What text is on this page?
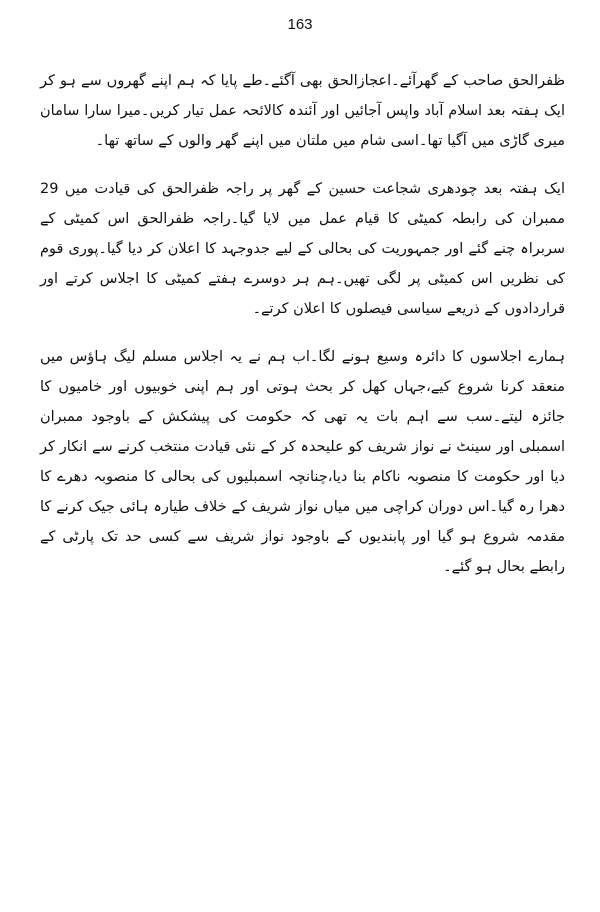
163

ظفرالحق صاحب کے گھرآئے۔اعجازالحق بھی آگئے۔طے پایا کہ ہم اپنے گھروں سے ہو کر ایک ہفتہ بعد اسلام آباد واپس آجائیں اور آئندہ کالائحہ عمل تیار کریں۔میرا سارا سامان میری گاڑی میں آگیا تھا۔اسی شام میں ملتان میں اپنے گھر والوں کے ساتھ تھا۔

ایک ہفتہ بعد چودھری شجاعت حسین کے گھر پر راجہ ظفرالحق کی قیادت میں 29 ممبران کی رابطہ کمیٹی کا قیام عمل میں لایا گیا۔راجہ ظفرالحق اس کمیٹی کے سربراہ چنے گئے اور جمہوریت کی بحالی کے لیے جدوجہد کا اعلان کر دیا گیا۔پوری قوم کی نظریں اس کمیٹی پر لگی تھیں۔ہم ہر دوسرے ہفتے کمیٹی کا اجلاس کرتے اور قراردادوں کے ذریعے سیاسی فیصلوں کا اعلان کرتے۔

ہمارے اجلاسوں کا دائرہ وسیع ہونے لگا۔اب ہم نے یہ اجلاس مسلم لیگ ہاؤس میں منعقد کرنا شروع کیے،جہاں کھل کر بحث ہوتی اور ہم اپنی خوبیوں اور خامیوں کا جائزہ لیتے۔سب سے اہم بات یہ تھی کہ حکومت کی پیشکش کے باوجود ممبران اسمبلی اور سینٹ نے نواز شریف کو علیحدہ کر کے نئی قیادت منتخب کرنے سے انکار کر دیا اور حکومت کا منصوبہ ناکام بنا دیا،چنانچہ اسمبلیوں کی بحالی کا منصوبہ دھرے کا دھرا رہ گیا۔اس دوران کراچی میں میاں نواز شریف کے خلاف طیارہ ہائی جیک کرنے کا مقدمہ شروع ہو گیا اور پابندیوں کے باوجود نواز شریف سے کسی حد تک پارٹی کے رابطے بحال ہو گئے۔
